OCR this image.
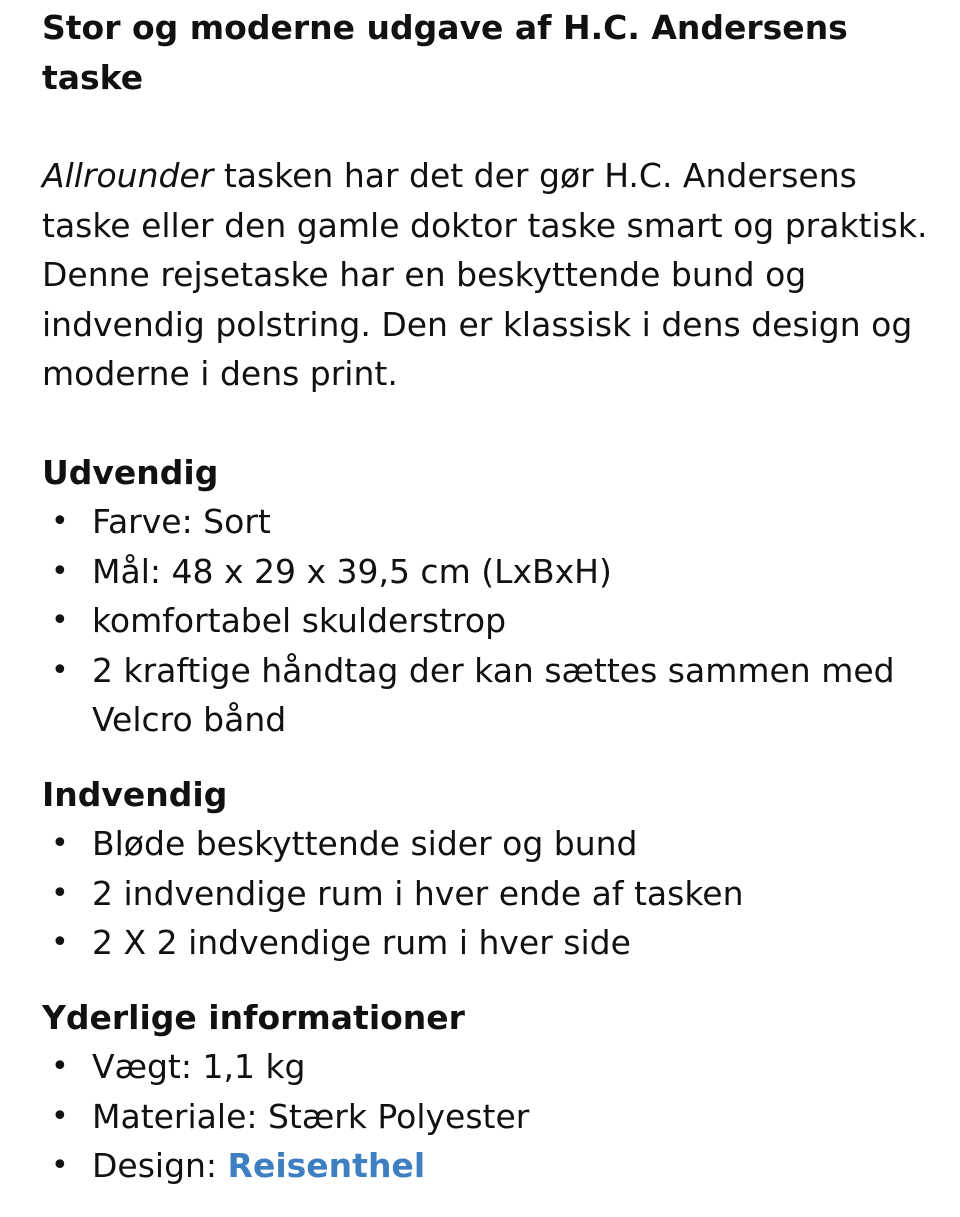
Stor og moderne udgave af H.C. Andersens taske

Allrounder tasken har det der gør H.C. Andersens taske eller den gamle doktor taske smart og praktisk. Denne rejsetaske har en beskyttende bund og indvendig polstring. Den er klassisk i dens design og moderne i dens print.

Udvendig

• Farve: Sort
• Mål: 48 x 29 x 39,5 cm (LxBxH)
• komfortabel skulderstrop
• 2 kraftige håndtag der kan sættes sammen med Velcro bånd

Indvendig

• Bløde beskyttende sider og bund
• 2 indvendige rum i hver ende af tasken
• 2 X 2 indvendige rum i hver side

Yderlige informationer

• Vægt: 1,1 kg
• Materiale: Stærk Polyester
• Design: Reisenthel
